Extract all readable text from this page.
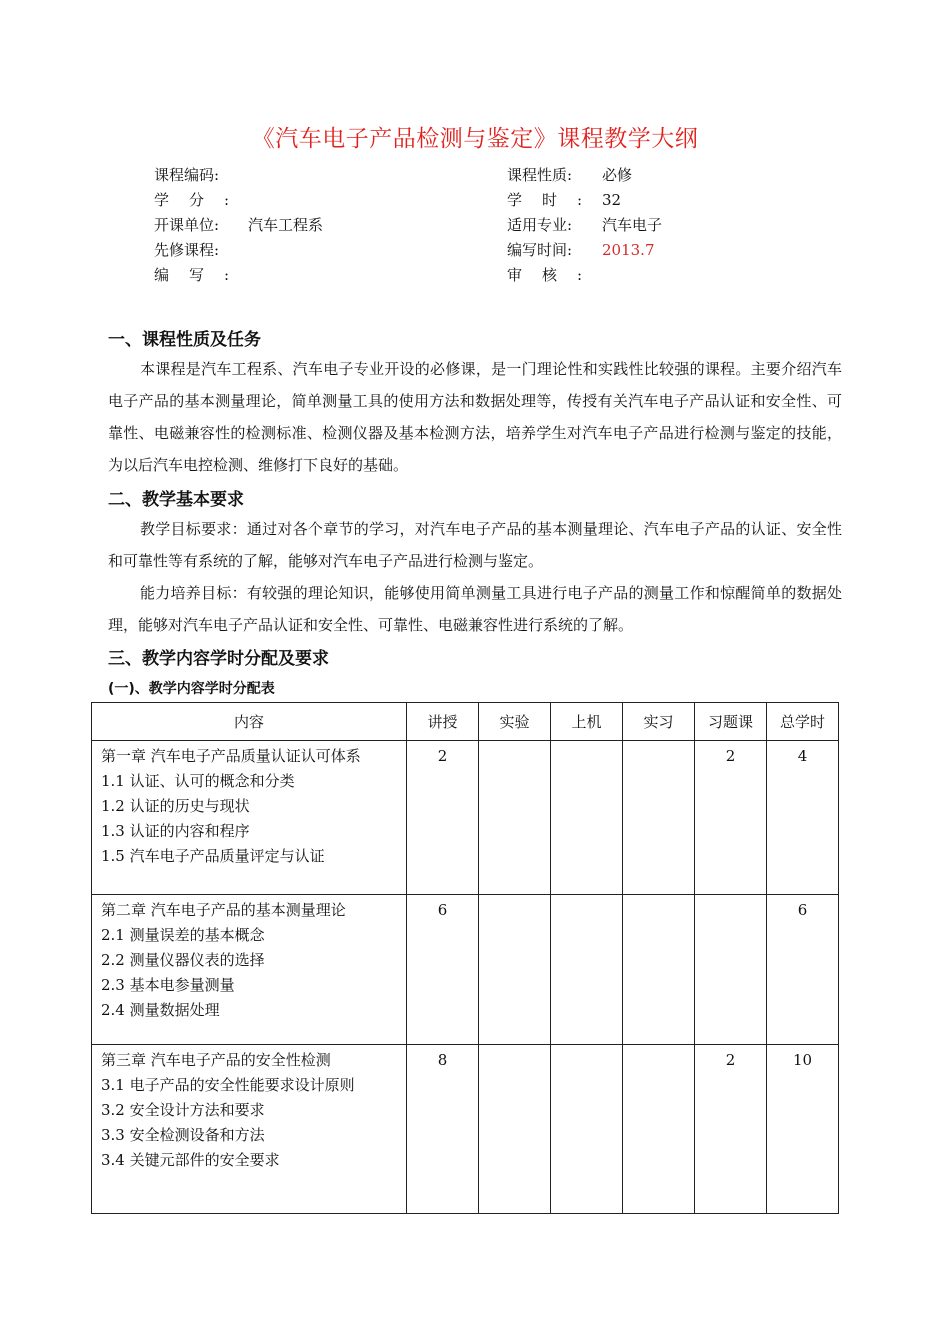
《汽车电子产品检测与鉴定》课程教学大纲
课程编码:	课程性质:	必修
学 分 :	学 时 : 32
开课单位:	汽车工程系	适用专业:	汽车电子
先修课程:	编写时间:	2013.7
编 写 :	审 核 :
一、课程性质及任务
本课程是汽车工程系、汽车电子专业开设的必修课，是一门理论性和实践性比较强的课程。主要介绍汽车电子产品的基本测量理论，简单测量工具的使用方法和数据处理等，传授有关汽车电子产品认证和安全性、可靠性、电磁兼容性的检测标准、检测仪器及基本检测方法，培养学生对汽车电子产品进行检测与鉴定的技能，为以后汽车电控检测、维修打下良好的基础。
二、教学基本要求
教学目标要求：通过对各个章节的学习，对汽车电子产品的基本测量理论、汽车电子产品的认证、安全性和可靠性等有系统的了解，能够对汽车电子产品进行检测与鉴定。
能力培养目标：有较强的理论知识，能够使用简单测量工具进行电子产品的测量工作和惊醒简单的数据处理，能够对汽车电子产品认证和安全性、可靠性、电磁兼容性进行系统的了解。
三、教学内容学时分配及要求
(一)、教学内容学时分配表
内容	讲授	实验	上机	实习	习题课	总学时

第一章 汽车电子产品质量认证认可体系
1.1 认证、认可的概念和分类
1.2 认证的历史与现状
1.3 认证的内容和程序
1.5 汽车电子产品质量评定与认证	2				2	4

第二章 汽车电子产品的基本测量理论
2.1 测量误差的基本概念
2.2 测量仪器仪表的选择
2.3 基本电参量测量
2.4 测量数据处理	6					6

第三章 汽车电子产品的安全性检测
3.1 电子产品的安全性能要求设计原则
3.2 安全设计方法和要求
3.3 安全检测设备和方法
3.4 关键元部件的安全要求	8				2	10
